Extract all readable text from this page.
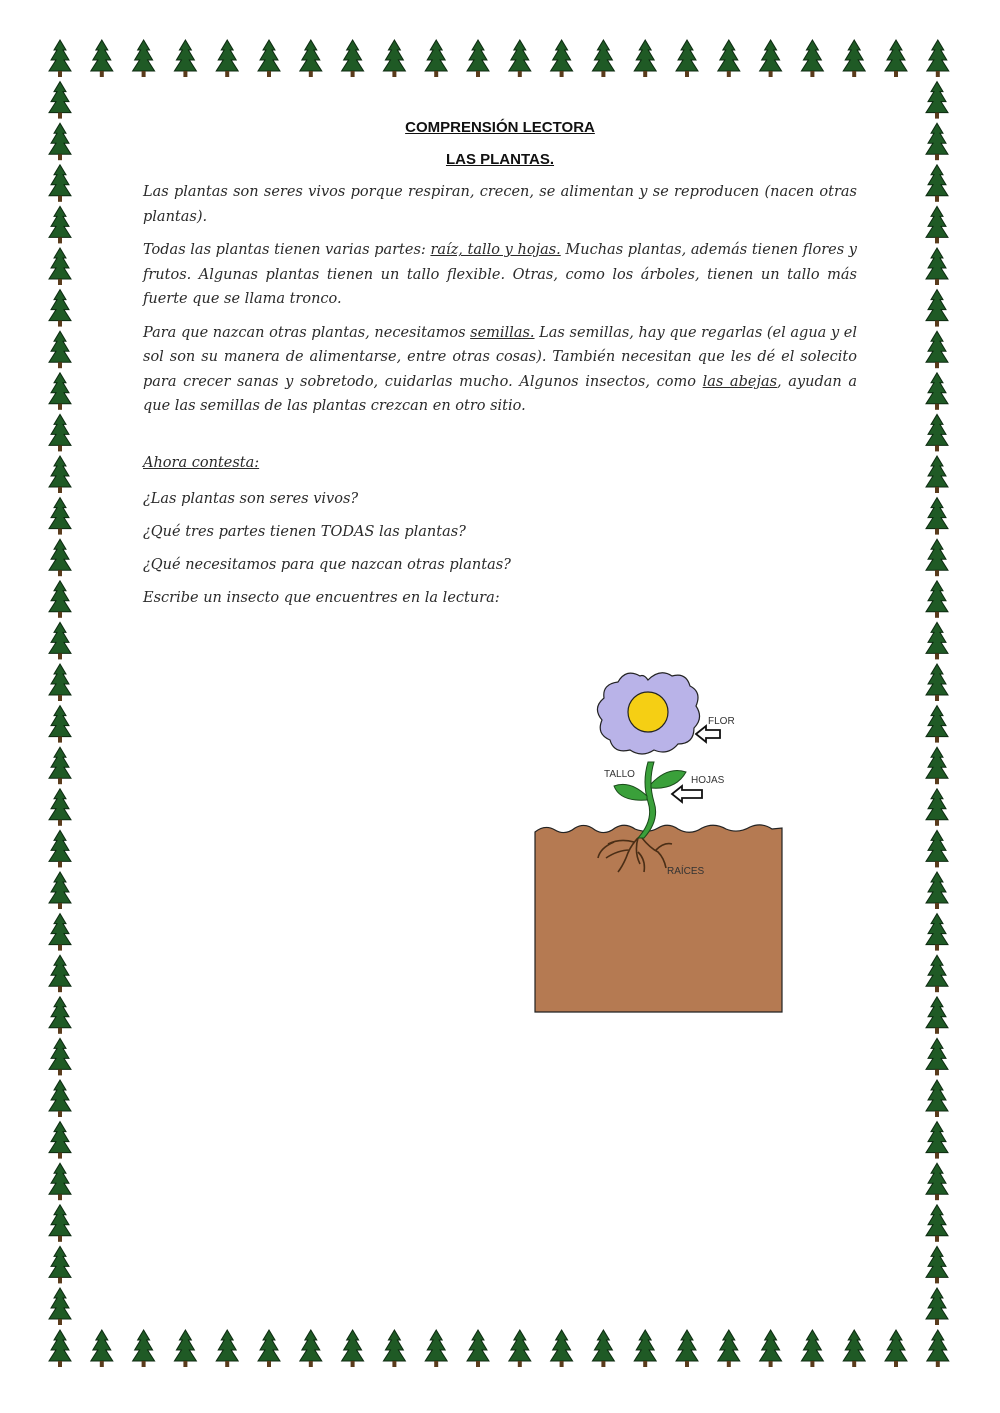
COMPRENSIÓN LECTORA
LAS PLANTAS.

Las plantas son seres vivos porque respiran, crecen, se alimentan y se reproducen (nacen otras plantas).

Todas las plantas tienen varias partes: raíz, tallo y hojas. Muchas plantas, además tienen flores y frutos. Algunas plantas tienen un tallo flexible. Otras, como los árboles, tienen un tallo más fuerte que se llama tronco.

Para que nazcan otras plantas, necesitamos semillas. Las semillas, hay que regarlas (el agua y el sol son su manera de alimentarse, entre otras cosas). También necesitan que les dé el solecito para crecer sanas y sobretodo, cuidarlas mucho. Algunos insectos, como las abejas, ayudan a que las semillas de las plantas crezcan en otro sitio.

Ahora contesta:

¿Las plantas son seres vivos?

¿Qué tres partes tienen TODAS las plantas?

¿Qué necesitamos para que nazcan otras plantas?

Escribe un insecto que encuentres en la lectura:

FLOR
TALLO
HOJAS
RAÍCES
